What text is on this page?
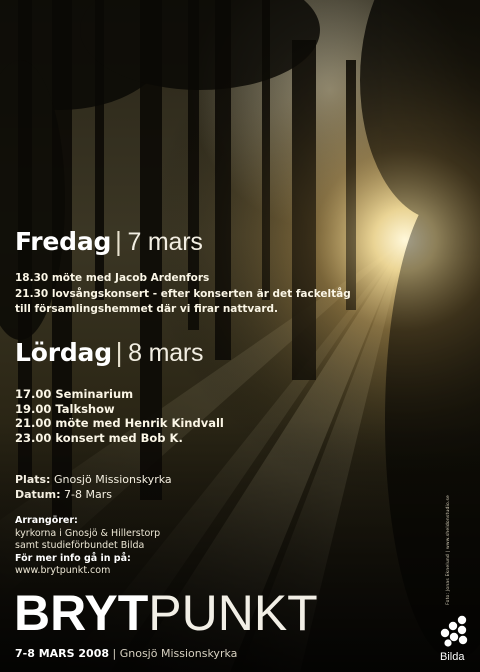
Fredag | 7 mars
18.30 möte med Jacob Ardenfors
21.30 lovsångskonsert - efter konserten är det fackeltåg
till församlingshemmet där vi firar nattvard.
Lördag | 8 mars
17.00 Seminarium
19.00 Talkshow
21.00 möte med Henrik Kindvall
23.00 konsert med Bob K.
Plats: Gnosjö Missionskyrka
Datum: 7-8 Mars
Arrangörer:
kyrkorna i Gnosjö & Hillerstorp
samt studieförbundet Bilda
För mer info gå in på:
www.brytpunkt.com
BRYTPUNKT
7-8 MARS 2008 | Gnosjö Missionskyrka
Foto: Jonas Eknelund | www.sheldonstudio.se
Bilda
